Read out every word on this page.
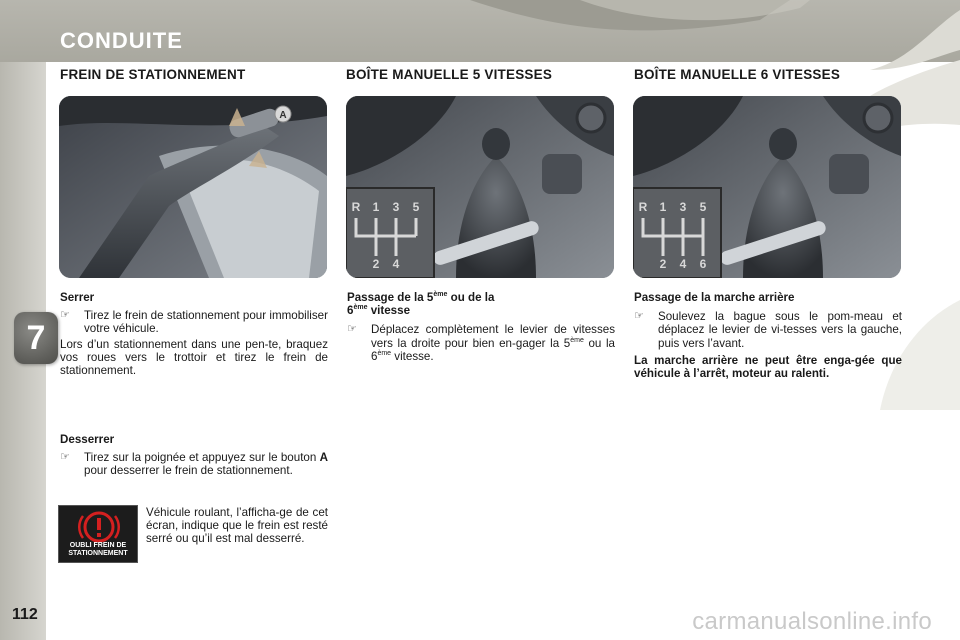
CONDUITE
7
112
FREIN DE STATIONNEMENT	BOÎTE MANUELLE 5 VITESSES	BOÎTE MANUELLE 6 VITESSES
A
R 1 3 5
2 4
R 1 3 5
2 4 6
Serrer
☞ Tirez le frein de stationnement pour immobiliser votre véhicule.

Lors d’un stationnement dans une pen-te, braquez vos roues vers le trottoir et tirez le frein de stationnement.

Desserrer
☞ Tirez sur la poignée et appuyez sur le bouton A pour desserrer le frein de stationnement.
OUBLI FREIN DE
STATIONNEMENT

Véhicule roulant, l’afficha-ge de cet écran, indique que le frein est resté serré ou qu’il est mal desserré.

Passage de la 5ème ou de la
6ème vitesse
☞ Déplacez complètement le levier de vitesses vers la droite pour bien en-gager la 5ème ou la 6ème vitesse.
Passage de la marche arrière
☞ Soulevez la bague sous le pom-meau et déplacez le levier de vi-tesses vers la gauche, puis vers l’avant.

La marche arrière ne peut être enga-gée que véhicule à l’arrêt, moteur au ralenti.

carmanualsonline.info
